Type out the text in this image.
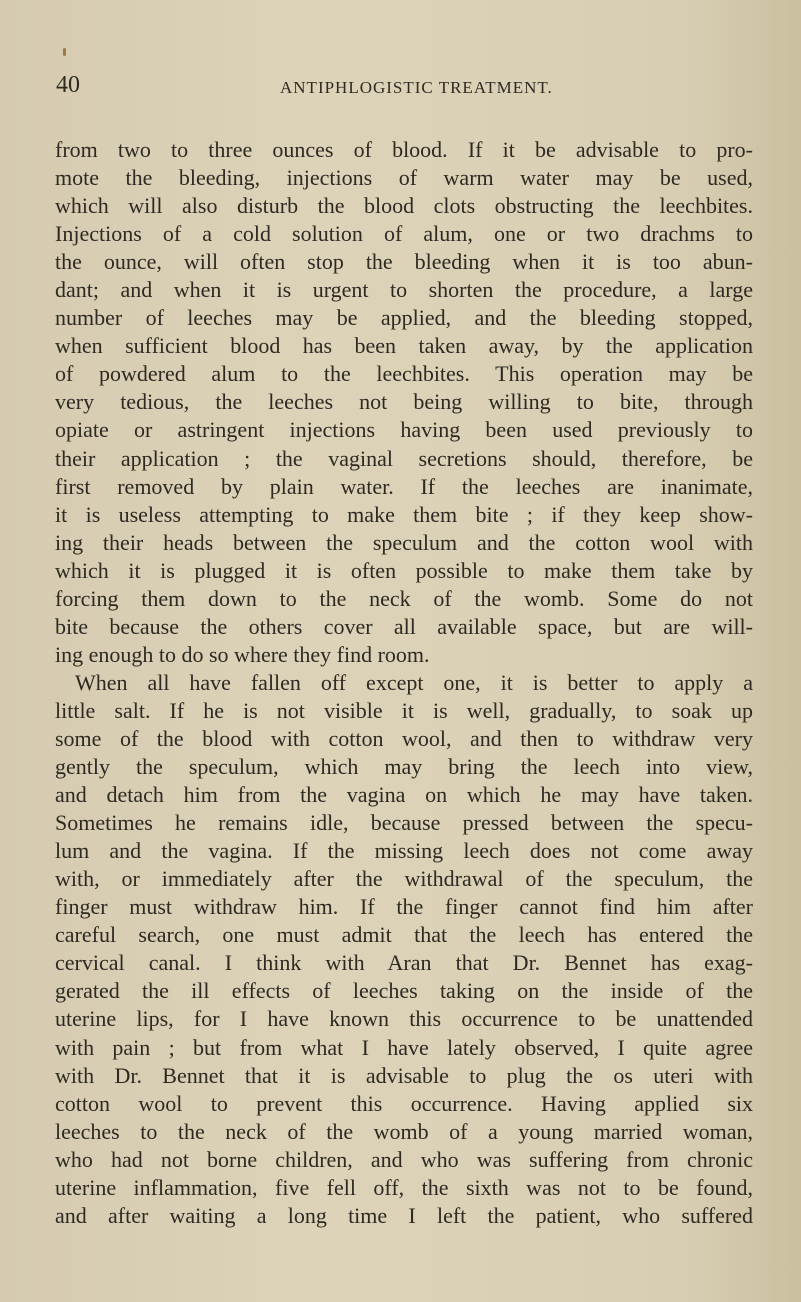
40	ANTIPHLOGISTIC TREATMENT.
from two to three ounces of blood. If it be advisable to pro-
mote the bleeding, injections of warm water may be used,
which will also disturb the blood clots obstructing the leechbites.
Injections of a cold solution of alum, one or two drachms to
the ounce, will often stop the bleeding when it is too abun-
dant; and when it is urgent to shorten the procedure, a large
number of leeches may be applied, and the bleeding stopped,
when sufficient blood has been taken away, by the application
of powdered alum to the leechbites. This operation may be
very tedious, the leeches not being willing to bite, through
opiate or astringent injections having been used previously to
their application ; the vaginal secretions should, therefore, be
first removed by plain water. If the leeches are inanimate,
it is useless attempting to make them bite ; if they keep show-
ing their heads between the speculum and the cotton wool with
which it is plugged it is often possible to make them take by
forcing them down to the neck of the womb. Some do not
bite because the others cover all available space, but are will-
ing enough to do so where they find room.
When all have fallen off except one, it is better to apply a
little salt. If he is not visible it is well, gradually, to soak up
some of the blood with cotton wool, and then to withdraw very
gently the speculum, which may bring the leech into view,
and detach him from the vagina on which he may have taken.
Sometimes he remains idle, because pressed between the specu-
lum and the vagina. If the missing leech does not come away
with, or immediately after the withdrawal of the speculum, the
finger must withdraw him. If the finger cannot find him after
careful search, one must admit that the leech has entered the
cervical canal. I think with Aran that Dr. Bennet has exag-
gerated the ill effects of leeches taking on the inside of the
uterine lips, for I have known this occurrence to be unattended
with pain ; but from what I have lately observed, I quite agree
with Dr. Bennet that it is advisable to plug the os uteri with
cotton wool to prevent this occurrence. Having applied six
leeches to the neck of the womb of a young married woman,
who had not borne children, and who was suffering from chronic
uterine inflammation, five fell off, the sixth was not to be found,
and after waiting a long time I left the patient, who suffered
